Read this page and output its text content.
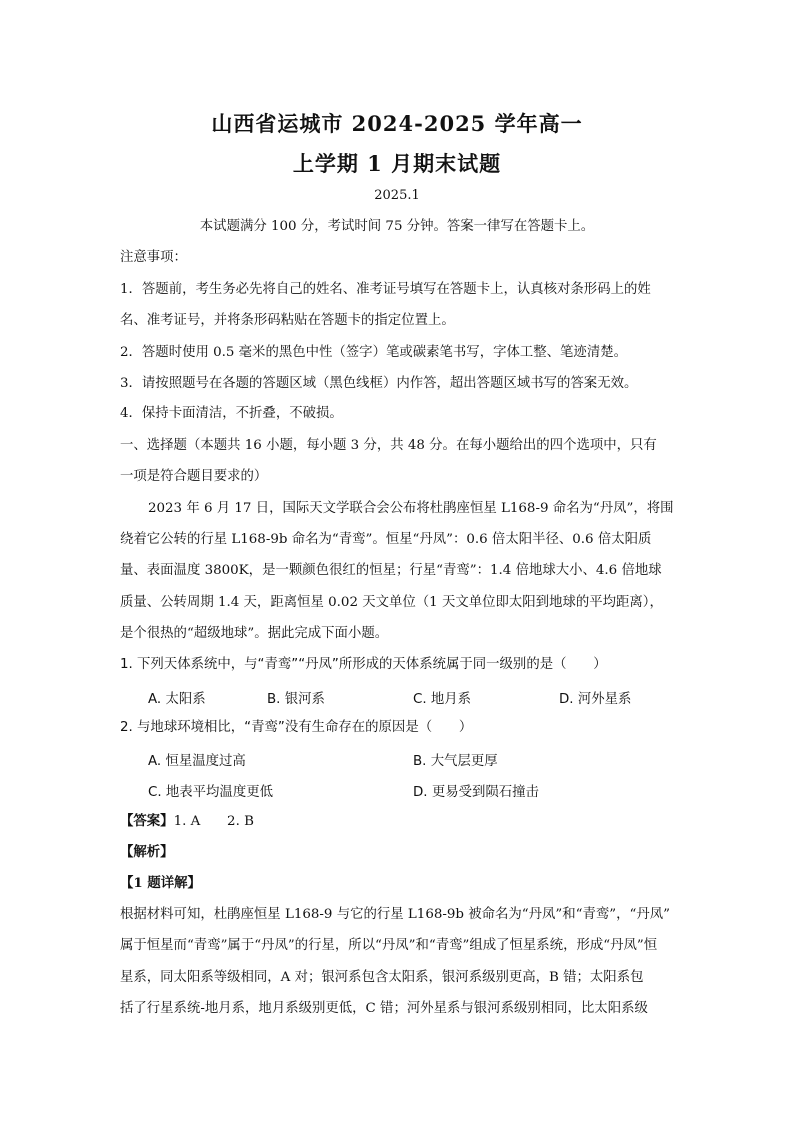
山西省运城市 2024-2025 学年高一
上学期 1 月期末试题
2025.1
本试题满分 100 分，考试时间 75 分钟。答案一律写在答题卡上。
注意事项：
1．答题前，考生务必先将自己的姓名、准考证号填写在答题卡上，认真核对条形码上的姓
名、准考证号，并将条形码粘贴在答题卡的指定位置上。
2．答题时使用 0.5 毫米的黑色中性（签字）笔或碳素笔书写，字体工整、笔迹清楚。
3．请按照题号在各题的答题区域（黑色线框）内作答，超出答题区域书写的答案无效。
4．保持卡面清洁，不折叠，不破损。
一、选择题（本题共 16 小题，每小题 3 分，共 48 分。在每小题给出的四个选项中，只有
一项是符合题目要求的）
2023 年 6 月 17 日，国际天文学联合会公布将杜鹃座恒星 L168-9 命名为“丹凤”，将围
绕着它公转的行星 L168-9b 命名为“青鸾”。恒星“丹凤”：0.6 倍太阳半径、0.6 倍太阳质
量、表面温度 3800K，是一颗颜色很红的恒星；行星“青鸾”：1.4 倍地球大小、4.6 倍地球
质量、公转周期 1.4 天，距离恒星 0.02 天文单位（1 天文单位即太阳到地球的平均距离），
是个很热的“超级地球”。据此完成下面小题。
1. 下列天体系统中，与“青鸾”“丹凤”所形成的天体系统属于同一级别的是（　　）
A. 太阳系	B. 银河系	C. 地月系	D. 河外星系
2. 与地球环境相比，“青鸾”没有生命存在的原因是（　　）
A. 恒星温度过高	B. 大气层更厚
C. 地表平均温度更低	D. 更易受到陨石撞击
【答案】1. A　　2. B
【解析】
【1 题详解】
根据材料可知，杜鹃座恒星 L168-9 与它的行星 L168-9b 被命名为“丹凤”和“青鸾”，“丹凤”
属于恒星而“青鸾”属于“丹凤”的行星，所以“丹凤”和“青鸾”组成了恒星系统，形成“丹凤”恒
星系，同太阳系等级相同，A 对；银河系包含太阳系，银河系级别更高，B 错；太阳系包
括了行星系统-地月系，地月系级别更低，C 错；河外星系与银河系级别相同，比太阳系级
